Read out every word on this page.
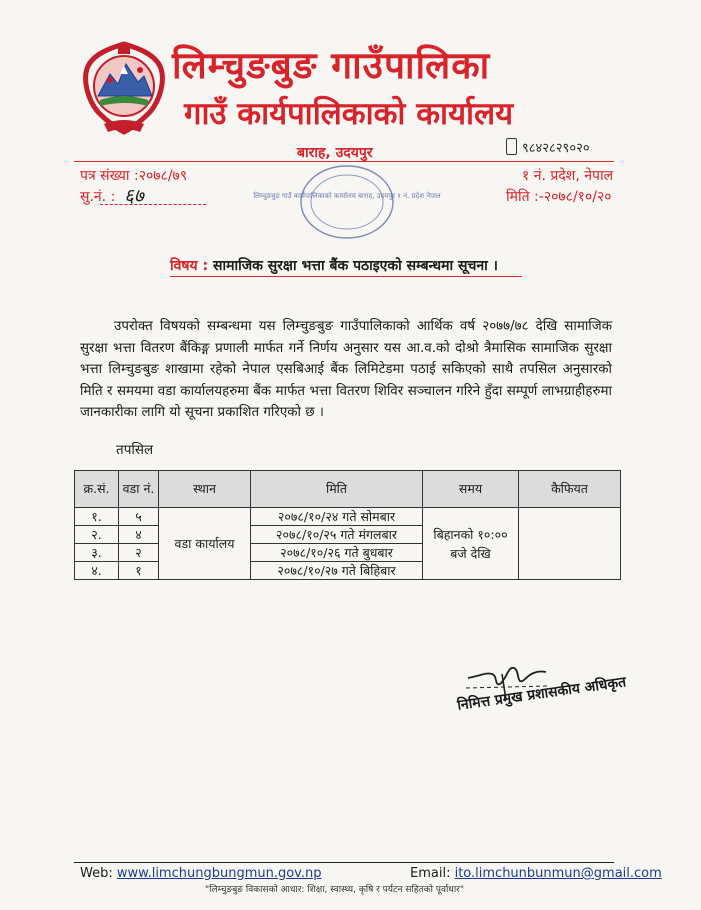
लिम्चुङबुङ गाउँपालिका
गाउँ कार्यपालिकाको कार्यालय
९८४२८२९०२०
बाराह, उदयपुर
लिम्चुङबुङ गाउँ कार्यपालिकाको कार्यालय बाराह, उदयपुर १ नं. प्रदेश नेपाल
पत्र संख्या :२०७८/७९
सु.नं. : ६७
१ नं. प्रदेश, नेपाल
मिति :-२०७८/१०/२०
विषय : सामाजिक सुरक्षा भत्ता बैंक पठाइएको सम्बन्धमा सूचना ।

उपरोक्त विषयको सम्बन्धमा यस लिम्चुङबुङ गाउँपालिकाको आर्थिक वर्ष २०७७/७८ देखि सामाजिक सुरक्षा भत्ता वितरण बैंकिङ्ग प्रणाली मार्फत गर्ने निर्णय अनुसार यस आ.व.को दोश्रो त्रैमासिक सामाजिक सुरक्षा भत्ता लिम्चुङबुङ शाखामा रहेको नेपाल एसबिआई बैंक लिमिटेडमा पठाई सकिएको साथै तपसिल अनुसारको मिति र समयमा वडा कार्यालयहरुमा बैंक मार्फत भत्ता वितरण शिविर सञ्चालन गरिने हुँदा सम्पूर्ण लाभग्राहीहरुमा जानकारीका लागि यो सूचना प्रकाशित गरिएको छ ।

तपसिल
क्र.सं.	वडा नं.	स्थान	मिति	समय	कैफियत
१.	५	वडा कार्यालय	२०७८/१०/२४ गते सोमबार	बिहानको १०:०० बजे देखि	
२.	४		२०७८/१०/२५ गते मंगलबार		
३.	२		२०७८/१०/२६ गते बुधबार		
४.	१		२०७८/१०/२७ गते बिहिबार		
निमित्त प्रमुख प्रशासकीय अधिकृत
Web: www.limchungbungmun.gov.np	Email: ito.limchunbunmun@gmail.com
"लिम्चुङबुङ विकासको आधार: शिक्षा, स्वास्थ्य, कृषि र पर्यटन सहितको पूर्वाधार"
